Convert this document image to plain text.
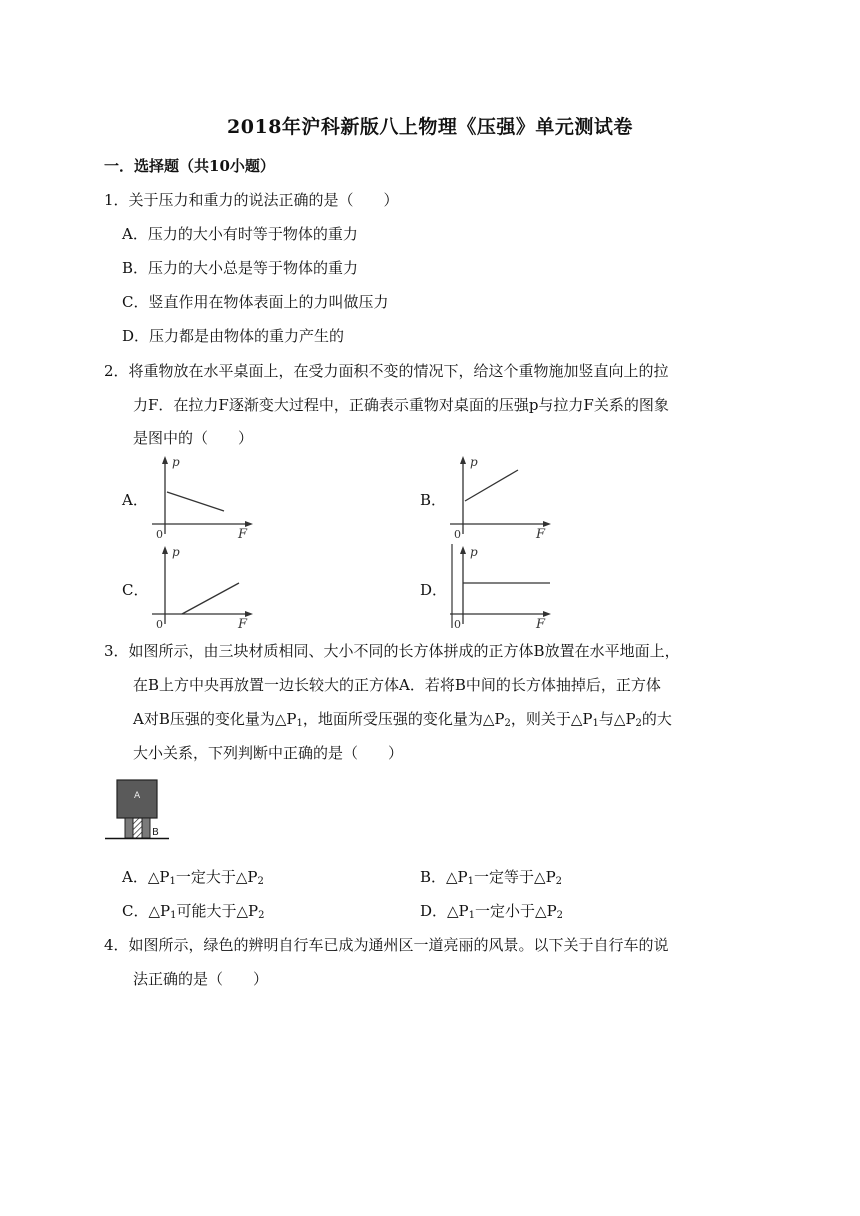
2018年沪科新版八上物理《压强》单元测试卷
一．选择题（共10小题）
1．关于压力和重力的说法正确的是（　　）
A．压力的大小有时等于物体的重力
B．压力的大小总是等于物体的重力
C．竖直作用在物体表面上的力叫做压力
D．压力都是由物体的重力产生的
2．将重物放在水平桌面上，在受力面积不变的情况下，给这个重物施加竖直向上的拉
力F．在拉力F逐渐变大过程中，正确表示重物对桌面的压强p与拉力F关系的图象
是图中的（　　）
A．
p
F
0
B．
p
F
0
C．
p
F
0
D．
p
F
0
3．如图所示，由三块材质相同、大小不同的长方体拼成的正方体B放置在水平地面上，
在B上方中央再放置一边长较大的正方体A．若将B中间的长方体抽掉后，正方体
A对B压强的变化量为$\triangle P_1$，地面所受压强的变化量为$\triangle P_2$，则关于$\triangle P_1$与$\triangle P_2$的大
大小关系，下列判断中正确的是（　　）
A
B
A．$\triangle P_1$一定大于$\triangle P_2$	B．$\triangle P_1$一定等于$\triangle P_2$
C．$\triangle P_1$可能大于$\triangle P_2$	D．$\triangle P_1$一定小于$\triangle P_2$
4．如图所示，绿色的辨明自行车已成为通州区一道亮丽的风景。以下关于自行车的说
法正确的是（　　）
